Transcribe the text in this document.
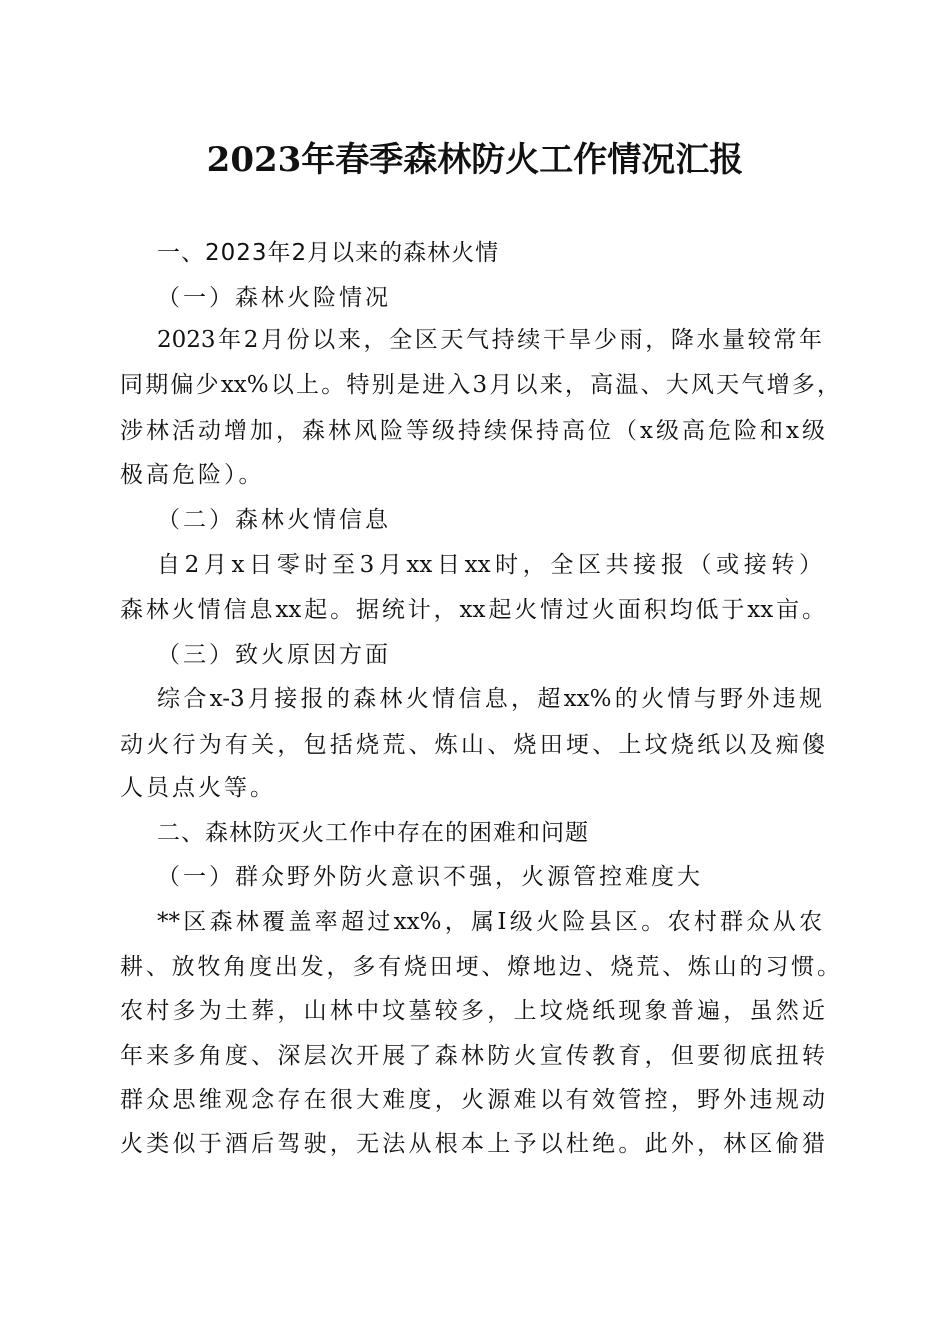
2023年春季森林防火工作情况汇报
一、2023年2月以来的森林火情
（一）森林火险情况
2023年2月份以来，全区天气持续干旱少雨，降水量较常年
同期偏少xx%以上。特别是进入3月以来，高温、大风天气增多，
涉林活动增加，森林风险等级持续保持高位（x级高危险和x级
极高危险）。
（二）森林火情信息
自2月x日零时至3月xx日xx时，全区共接报（或接转）
森林火情信息xx起。据统计，xx起火情过火面积均低于xx亩。
（三）致火原因方面
综合x-3月接报的森林火情信息，超xx%的火情与野外违规
动火行为有关，包括烧荒、炼山、烧田埂、上坟烧纸以及痴傻
人员点火等。
二、森林防灭火工作中存在的困难和问题
（一）群众野外防火意识不强，火源管控难度大
**区森林覆盖率超过xx%，属Ⅰ级火险县区。农村群众从农
耕、放牧角度出发，多有烧田埂、燎地边、烧荒、炼山的习惯。
农村多为土葬，山林中坟墓较多，上坟烧纸现象普遍，虽然近
年来多角度、深层次开展了森林防火宣传教育，但要彻底扭转
群众思维观念存在很大难度，火源难以有效管控，野外违规动
火类似于酒后驾驶，无法从根本上予以杜绝。此外，林区偷猎
